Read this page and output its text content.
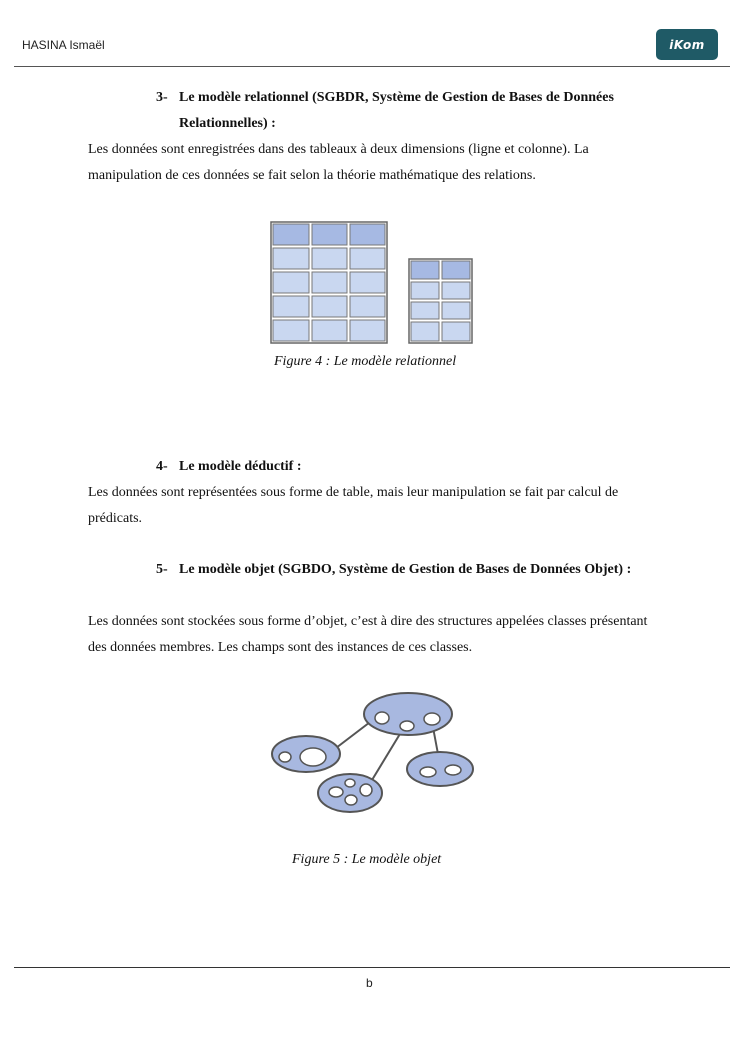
HASINA Ismaël	iKom
3- Le modèle relationnel (SGBDR, Système de Gestion de Bases de Données Relationnelles) :
Les données sont enregistrées dans des tableaux à deux dimensions (ligne et colonne). La manipulation de ces données se fait selon la théorie mathématique des relations.
Figure 4 : Le modèle relationnel
4- Le modèle déductif :
Les données sont représentées sous forme de table, mais leur manipulation se fait par calcul de prédicats.
5- Le modèle objet (SGBDO, Système de Gestion de Bases de Données Objet) :
Les données sont stockées sous forme d’objet, c’est à dire des structures appelées classes présentant des données membres. Les champs sont des instances de ces classes.
Figure 5 : Le modèle objet
b
